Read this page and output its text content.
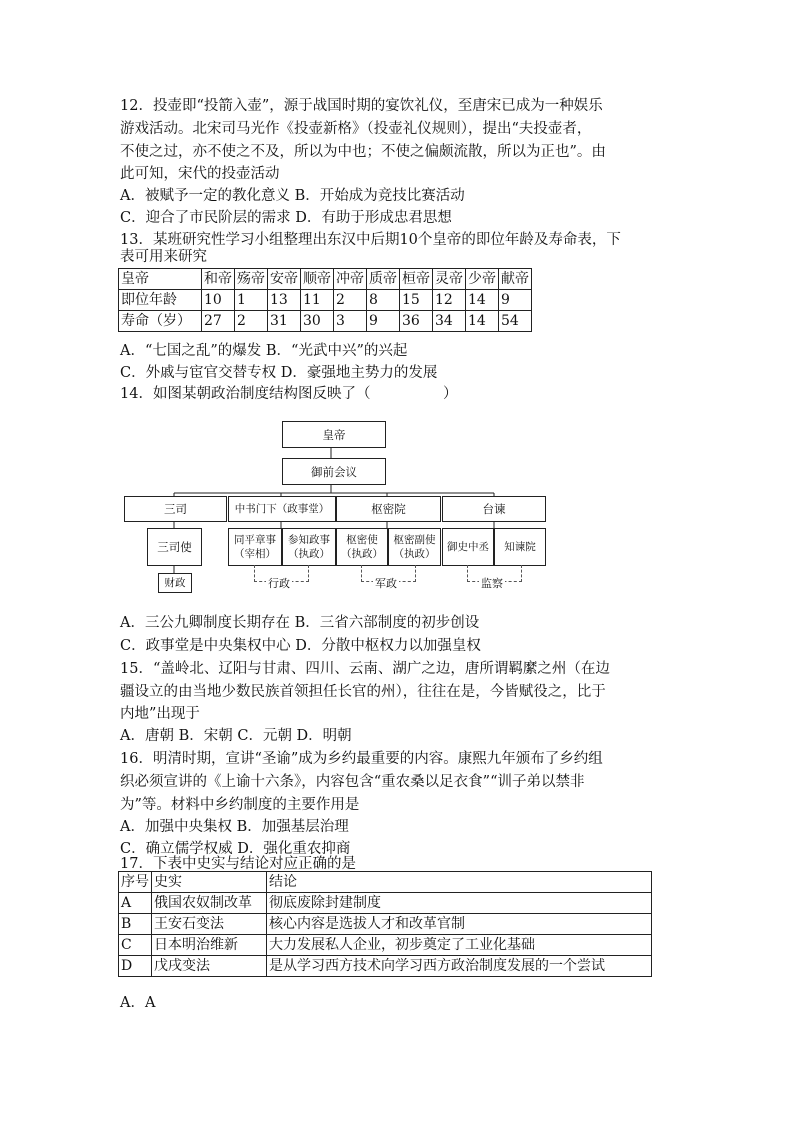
12．投壶即“投箭入壶”，源于战国时期的宴饮礼仪，至唐宋已成为一种娱乐
游戏活动。北宋司马光作《投壶新格》（投壶礼仪规则），提出“夫投壶者，
不使之过，亦不使之不及，所以为中也；不使之偏颇流散，所以为正也”。由
此可知，宋代的投壶活动
A．被赋予一定的教化意义 B．开始成为竞技比赛活动
C．迎合了市民阶层的需求 D．有助于形成忠君思想
13．某班研究性学习小组整理出东汉中后期10个皇帝的即位年龄及寿命表，下
表可用来研究
皇帝	和帝	殇帝	安帝	顺帝	冲帝	质帝	桓帝	灵帝	少帝	献帝
即位年龄	10	1	13	11	2	8	15	12	14	9
寿命（岁）	27	2	31	30	3	9	36	34	14	54
A．“七国之乱”的爆发 B．“光武中兴”的兴起
C．外戚与宦官交替专权 D．豪强地主势力的发展
14．如图某朝政治制度结构图反映了（　　　　　）
皇帝
御前会议
三司	中书门下（政事堂）	枢密院	台谏
三司使	同平章事
（宰相）
参知政事
（执政）
枢密使
（执政）
枢密副使
（执政）
御史中丞	知谏院
财政	行政	军政	监察
A．三公九卿制度长期存在 B．三省六部制度的初步创设
C．政事堂是中央集权中心 D．分散中枢权力以加强皇权
15．“盖岭北、辽阳与甘肃、四川、云南、湖广之边，唐所谓羁縻之州（在边
疆设立的由当地少数民族首领担任长官的州），往往在是，今皆赋役之，比于
内地”出现于
A．唐朝 B．宋朝 C．元朝 D．明朝
16．明清时期，宣讲“圣谕”成为乡约最重要的内容。康熙九年颁布了乡约组
织必须宣讲的《上谕十六条》，内容包含“重农桑以足衣食”“训子弟以禁非
为”等。材料中乡约制度的主要作用是
A．加强中央集权 B．加强基层治理
C．确立儒学权威 D．强化重农抑商
17．下表中史实与结论对应正确的是
序号	史实	结论
A	俄国农奴制改革	彻底废除封建制度
B	王安石变法	核心内容是选拔人才和改革官制
C	日本明治维新	大力发展私人企业，初步奠定了工业化基础
D	戊戌变法	是从学习西方技术向学习西方政治制度发展的一个尝试
A．A
